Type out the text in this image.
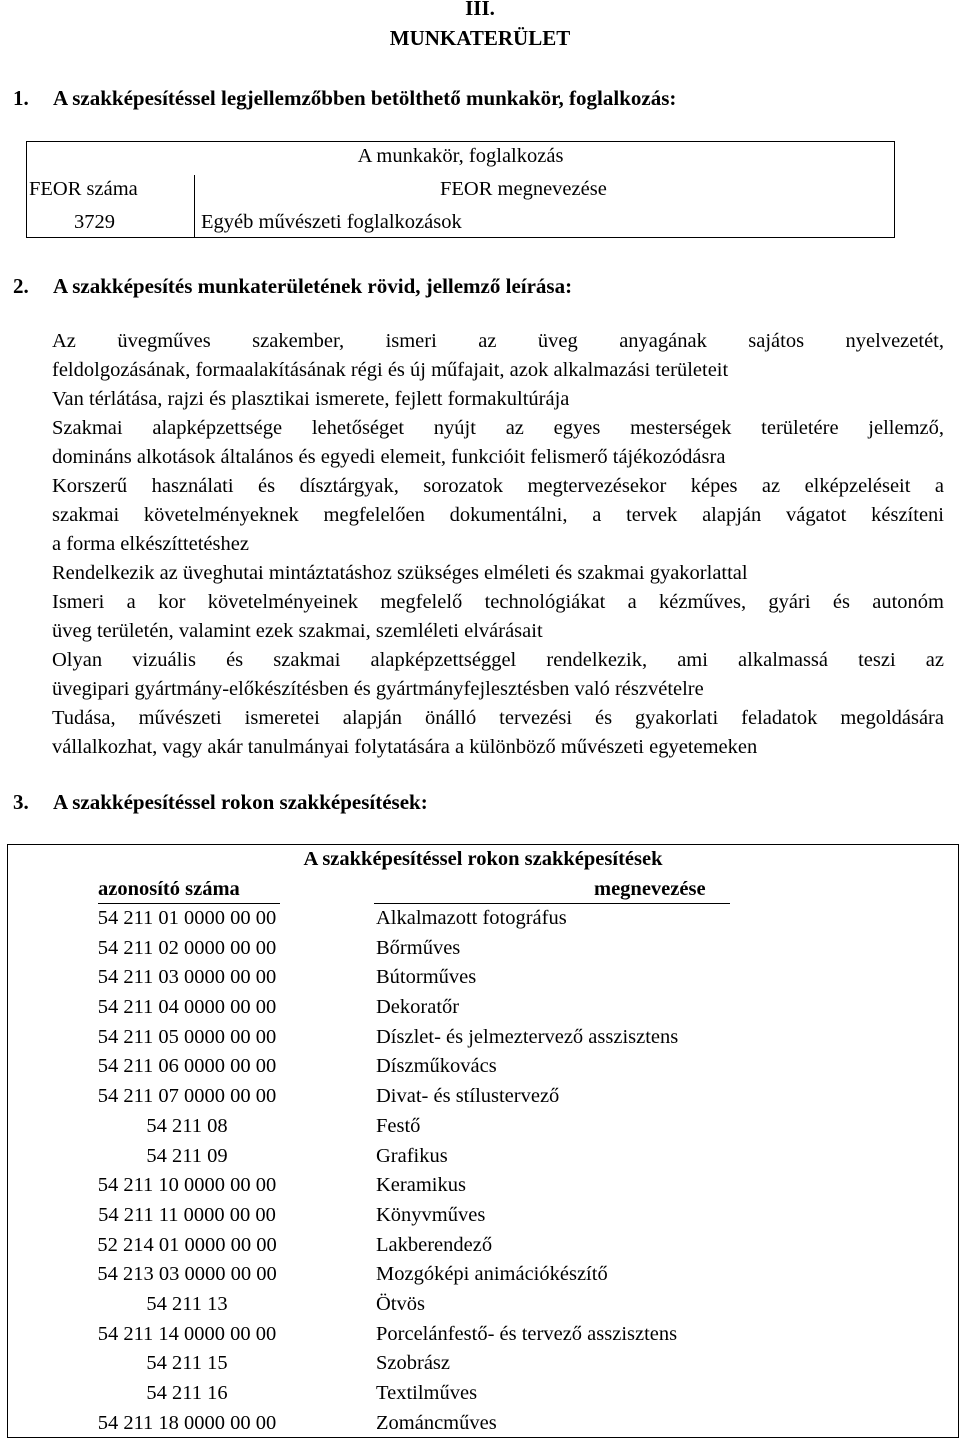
III.
MUNKATERÜLET
1. A szakképesítéssel legjellemzőbben betölthető munkakör, foglalkozás:
A munkakör, foglalkozás
FEOR száma	FEOR megnevezése
3729	Egyéb művészeti foglalkozások
2. A szakképesítés munkaterületének rövid, jellemző leírása:
Az üvegműves szakember, ismeri az üveg anyagának sajátos nyelvezetét,
feldolgozásának, formaalakításának régi és új műfajait, azok alkalmazási területeit
Van térlátása, rajzi és plasztikai ismerete, fejlett formakultúrája
Szakmai alapképzettsége lehetőséget nyújt az egyes mesterségek területére jellemző,
domináns alkotások általános és egyedi elemeit, funkcióit felismerő tájékozódásra
Korszerű használati és dísztárgyak, sorozatok megtervezésekor képes az elképzeléseit a
szakmai követelményeknek megfelelően dokumentálni, a tervek alapján vágatot készíteni
a forma elkészíttetéshez
Rendelkezik az üveghutai mintáztatáshoz szükséges elméleti és szakmai gyakorlattal
Ismeri a kor követelményeinek megfelelő technológiákat a kézműves, gyári és autonóm
üveg területén, valamint ezek szakmai, szemléleti elvárásait
Olyan vizuális és szakmai alapképzettséggel rendelkezik, ami alkalmassá teszi az
üvegipari gyártmány-előkészítésben és gyártmányfejlesztésben való részvételre
Tudása, művészeti ismeretei alapján önálló tervezési és gyakorlati feladatok megoldására
vállalkozhat, vagy akár tanulmányai folytatására a különböző művészeti egyetemeken
3. A szakképesítéssel rokon szakképesítések:
A szakképesítéssel rokon szakképesítések
azonosító száma	megnevezése
54 211 01 0000 00 00	Alkalmazott fotográfus
54 211 02 0000 00 00	Bőrműves
54 211 03 0000 00 00	Bútorműves
54 211 04 0000 00 00	Dekoratőr
54 211 05 0000 00 00	Díszlet- és jelmeztervező asszisztens
54 211 06 0000 00 00	Díszműkovács
54 211 07 0000 00 00	Divat- és stílustervező
54 211 08	Festő
54 211 09	Grafikus
54 211 10 0000 00 00	Keramikus
54 211 11 0000 00 00	Könyvműves
52 214 01 0000 00 00	Lakberendező
54 213 03 0000 00 00	Mozgóképi animációkészítő
54 211 13	Ötvös
54 211 14 0000 00 00	Porcelánfestő- és tervező asszisztens
54 211 15	Szobrász
54 211 16	Textilműves
54 211 18 0000 00 00	Zománcműves
